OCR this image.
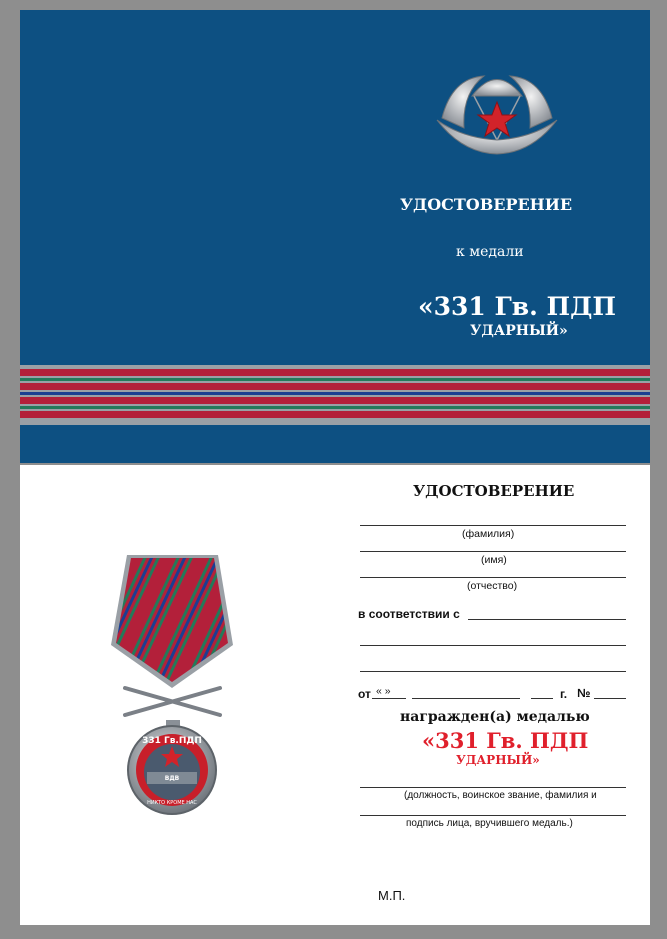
УДОСТОВЕРЕНИЕ
к медали
«331 Гв. ПДП
УДАРНЫЙ»
УДОСТОВЕРЕНИЕ
(фамилия)
(имя)
(отчество)
в соответствии с
от « »	г. №
награжден(а) медалью
«331 Гв. ПДП
УДАРНЫЙ»
(должность, воинское звание, фамилия и
подпись лица, вручившего медаль.)
М.П.
331 Гв.ПДП
ВДВ
НИКТО КРОМЕ НАС
